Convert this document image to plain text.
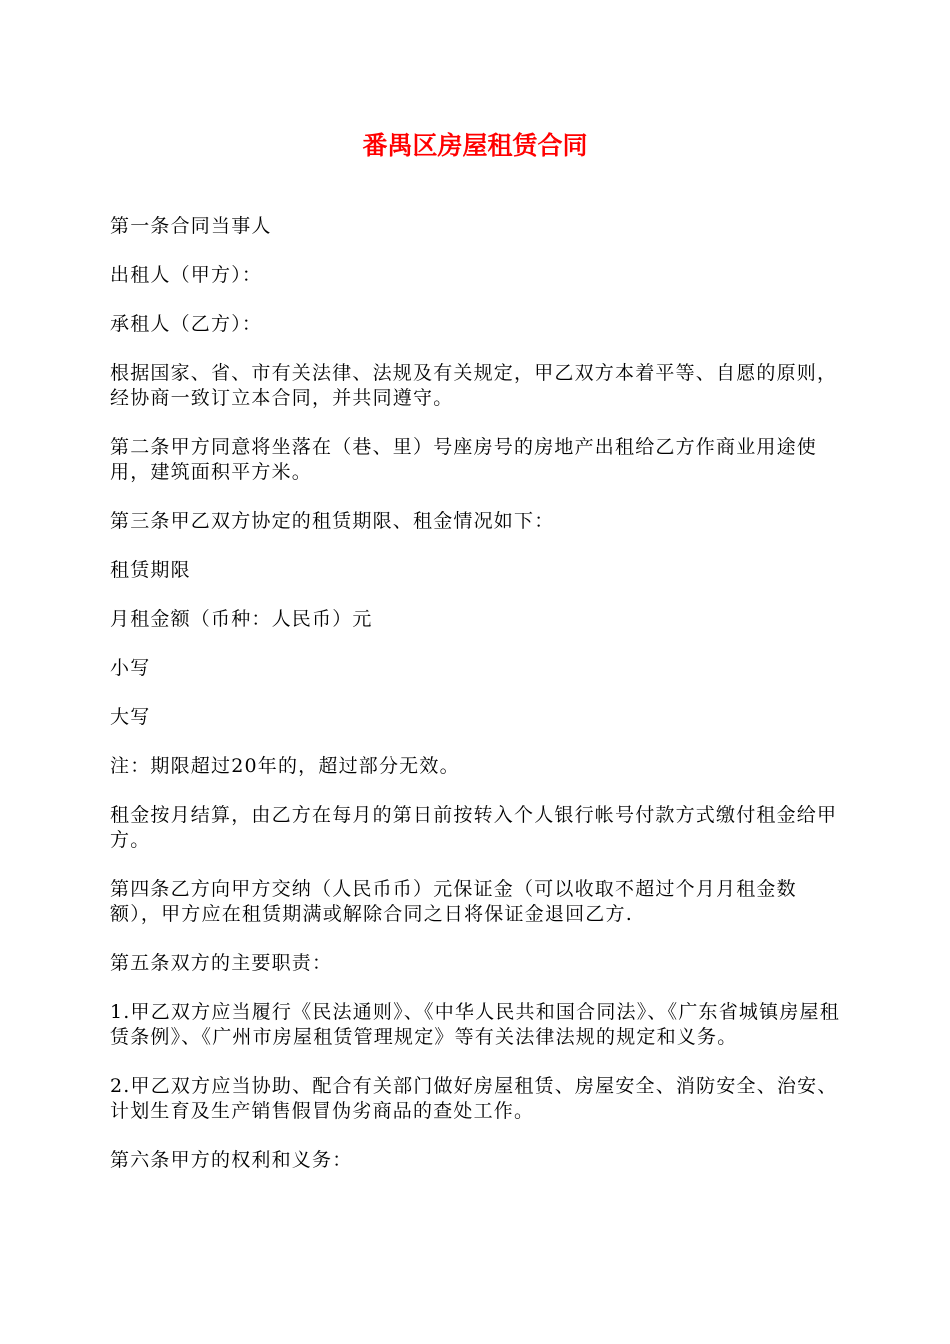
番禺区房屋租赁合同

第一条合同当事人

出租人（甲方）：

承租人（乙方）：

根据国家、省、市有关法律、法规及有关规定，甲乙双方本着平等、自愿的原则，经协商一致订立本合同，并共同遵守。

第二条甲方同意将坐落在（巷、里）号座房号的房地产出租给乙方作商业用途使用，建筑面积平方米。

第三条甲乙双方协定的租赁期限、租金情况如下：

租赁期限

月租金额（币种：人民币）元

小写

大写

注：期限超过20年的，超过部分无效。

租金按月结算，由乙方在每月的第日前按转入个人银行帐号付款方式缴付租金给甲方。

第四条乙方向甲方交纳（人民币币）元保证金（可以收取不超过个月月租金数额），甲方应在租赁期满或解除合同之日将保证金退回乙方.

第五条双方的主要职责：

1.甲乙双方应当履行《民法通则》、《中华人民共和国合同法》、《广东省城镇房屋租赁条例》、《广州市房屋租赁管理规定》等有关法律法规的规定和义务。

2.甲乙双方应当协助、配合有关部门做好房屋租赁、房屋安全、消防安全、治安、计划生育及生产销售假冒伪劣商品的查处工作。

第六条甲方的权利和义务：
